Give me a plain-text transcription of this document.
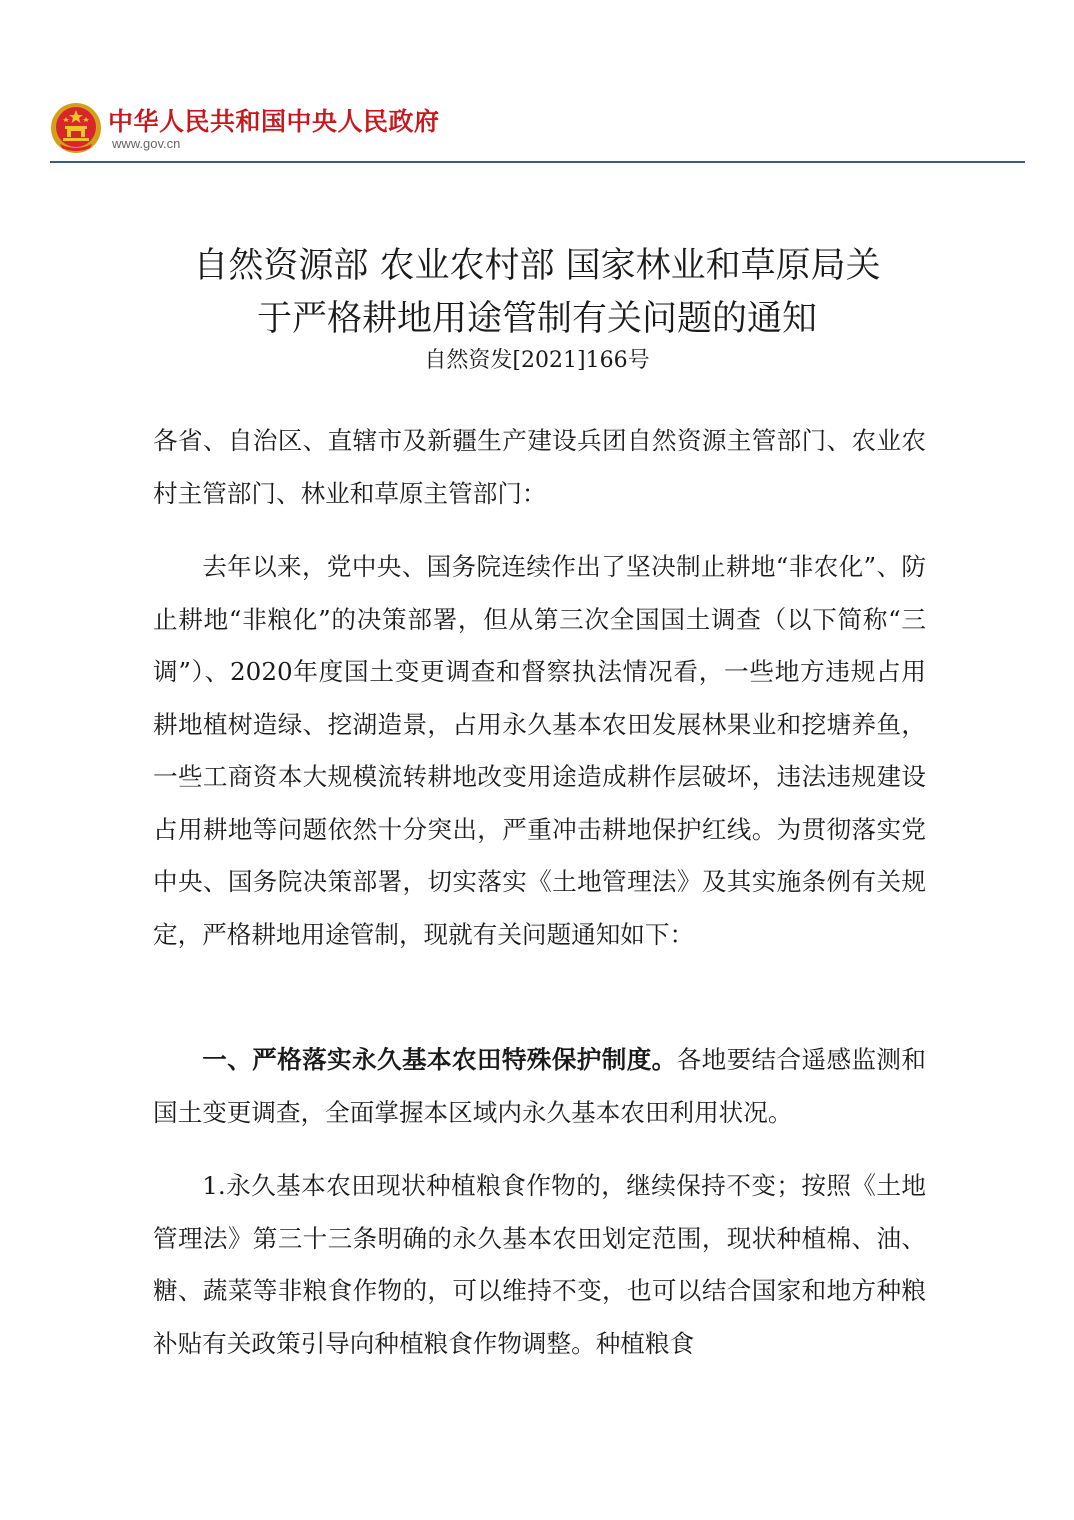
中华人民共和国中央人民政府
www.gov.cn
自然资源部 农业农村部 国家林业和草原局关
于严格耕地用途管制有关问题的通知
自然资发[2021]166号

各省、自治区、直辖市及新疆生产建设兵团自然资源主管部门、农业农村主管部门、林业和草原主管部门：

去年以来，党中央、国务院连续作出了坚决制止耕地“非农化”、防止耕地“非粮化”的决策部署，但从第三次全国国土调查（以下简称“三调”）、2020年度国土变更调查和督察执法情况看，一些地方违规占用耕地植树造绿、挖湖造景，占用永久基本农田发展林果业和挖塘养鱼，一些工商资本大规模流转耕地改变用途造成耕作层破坏，违法违规建设占用耕地等问题依然十分突出，严重冲击耕地保护红线。为贯彻落实党中央、国务院决策部署，切实落实《土地管理法》及其实施条例有关规定，严格耕地用途管制，现就有关问题通知如下：

一、严格落实永久基本农田特殊保护制度。各地要结合遥感监测和国土变更调查，全面掌握本区域内永久基本农田利用状况。

1.永久基本农田现状种植粮食作物的，继续保持不变；按照《土地管理法》第三十三条明确的永久基本农田划定范围，现状种植棉、油、糖、蔬菜等非粮食作物的，可以维持不变，也可以结合国家和地方种粮补贴有关政策引导向种植粮食作物调整。种植粮食
